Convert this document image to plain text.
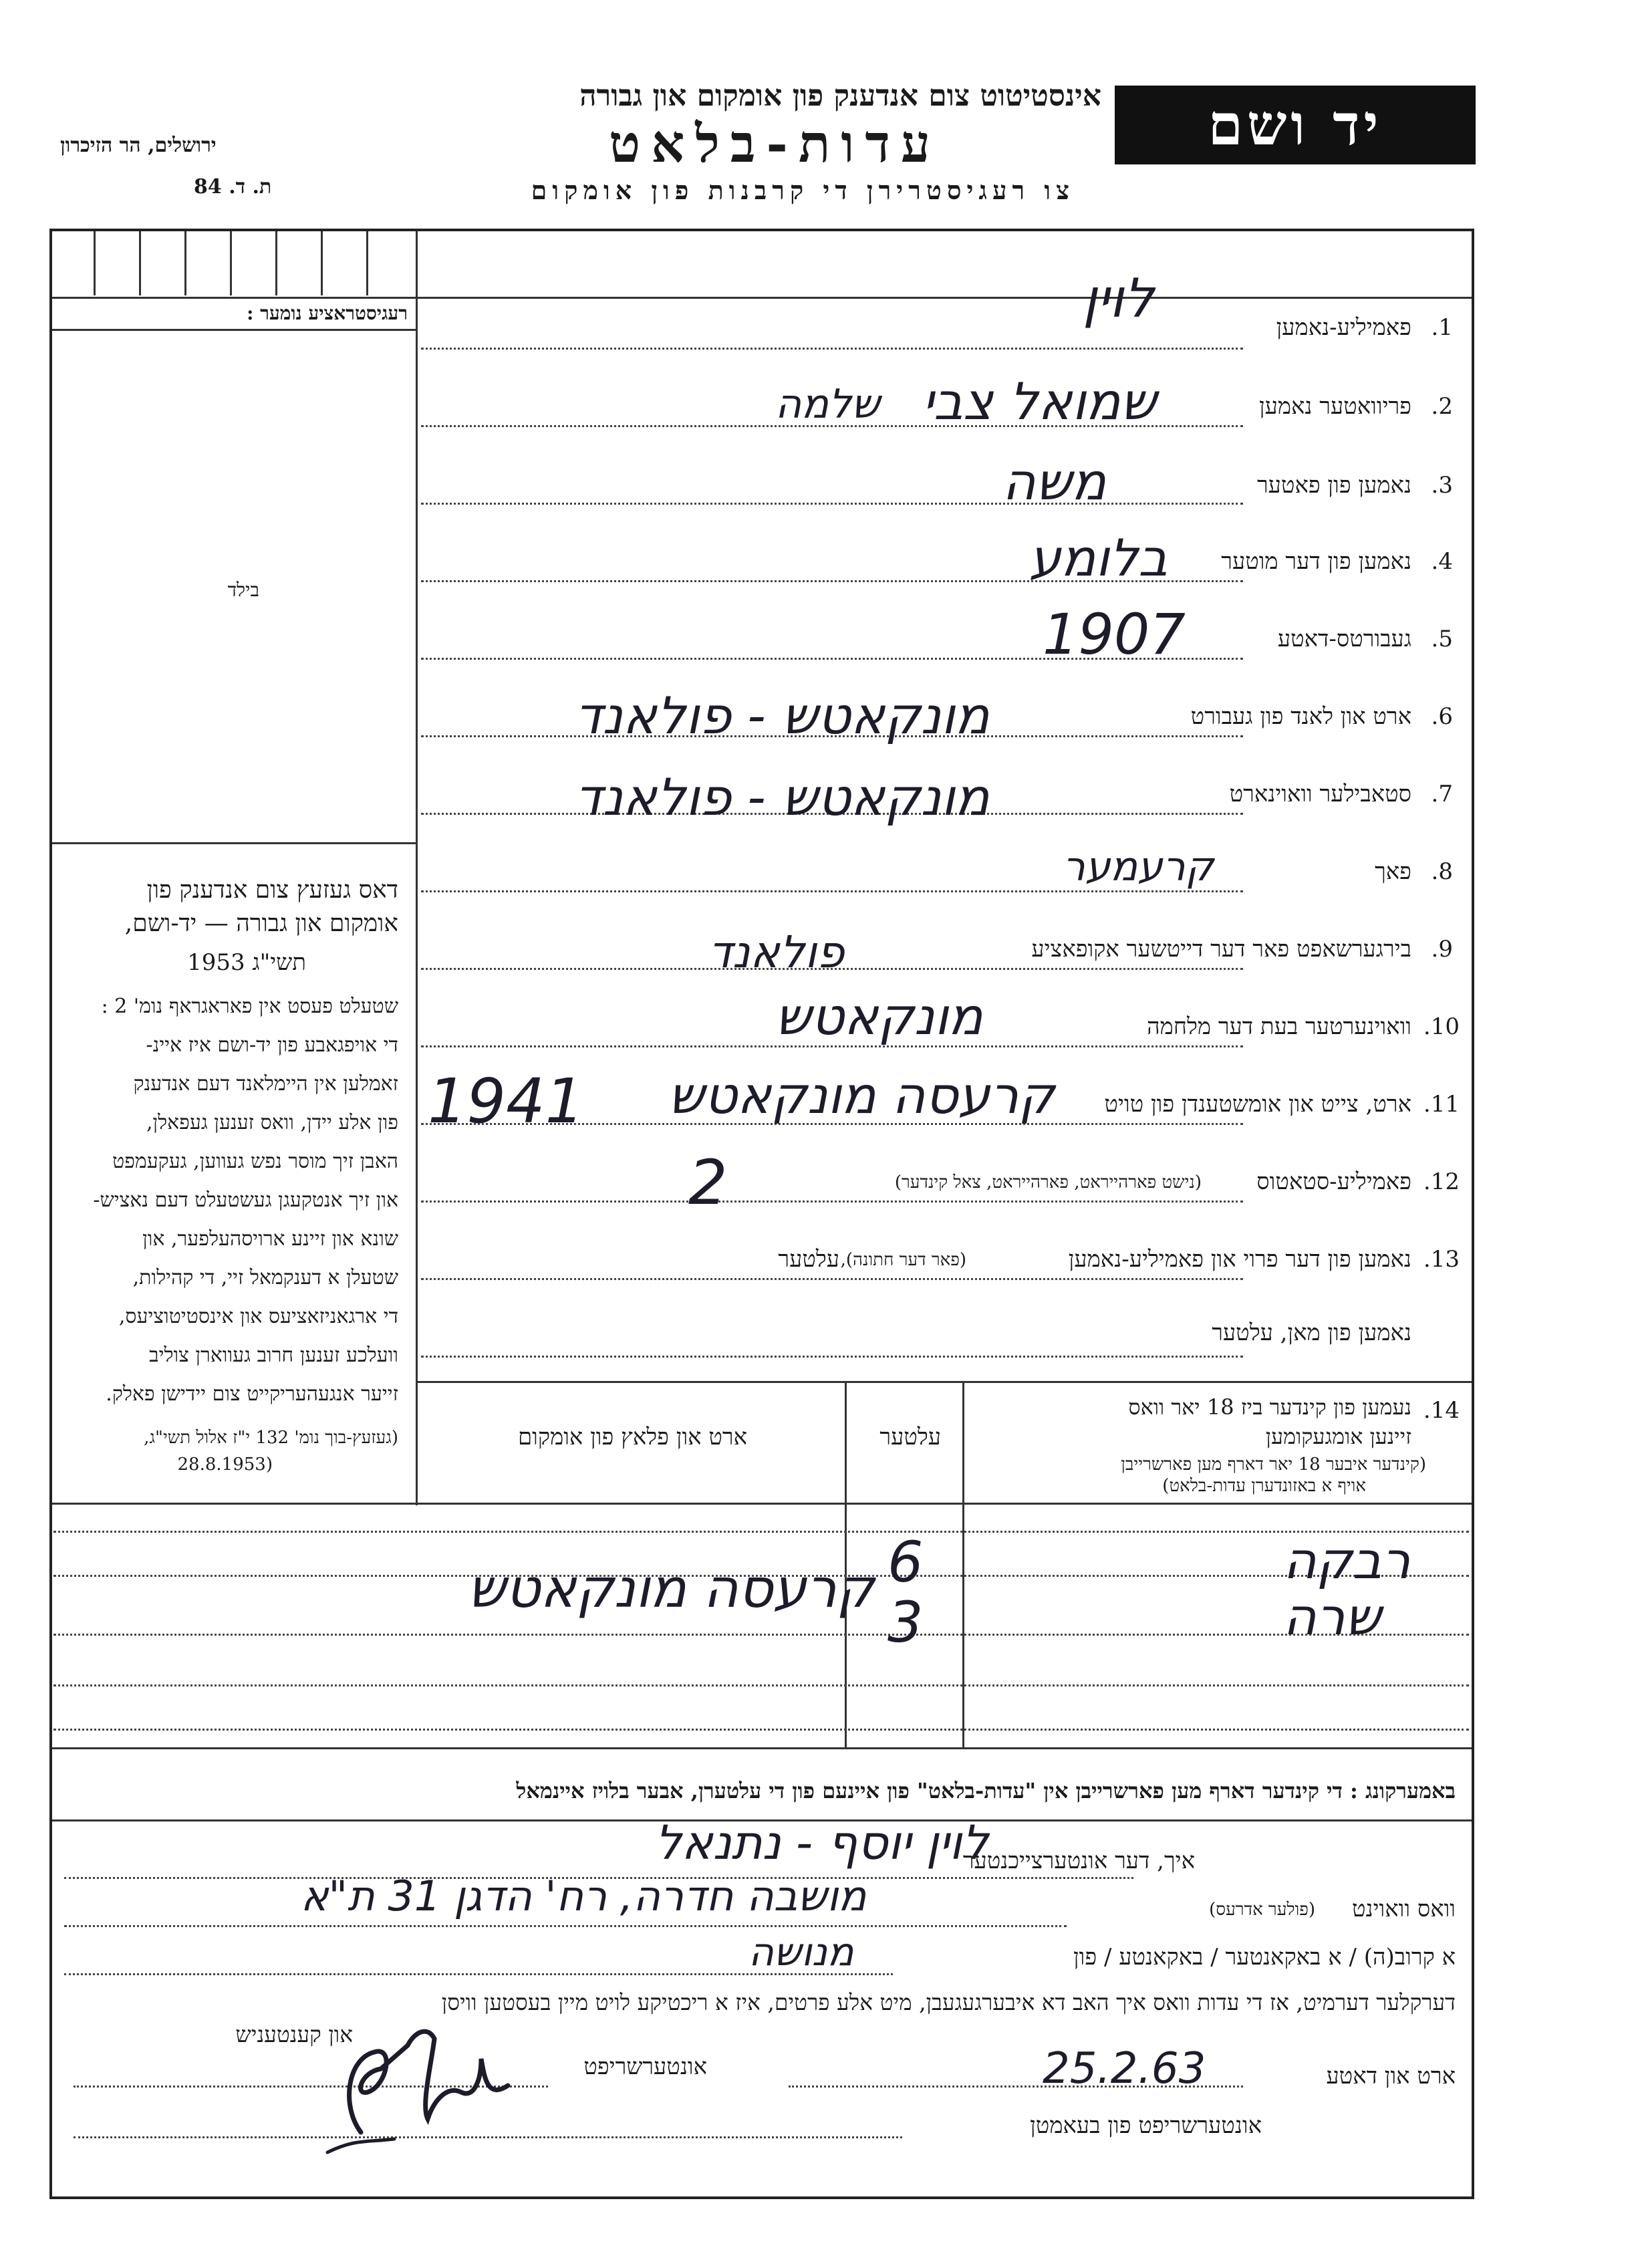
יד ושם
אינסטיטוט צום אנדענק פון אומקום און גבורה
עדות-בלאט
צו רעגיסטרירן די קרבנות פון אומקום
ירושלים, הר הזיכרון
ת. ד. 84
רעגיסטראציע נומער :
בילד
דאס געזעץ צום אנדענק פון
אומקום און גבורה — יד-ושם,
תשי"ג 1953
שטעלט פעסט אין פאראגראף נומ' 2 :
די אויפגאבע פון יד-ושם איז איינ-
זאמלען אין היימלאנד דעם אנדענק
פון אלע יידן, וואס זענען געפאלן,
האבן זיך מוסר נפש געווען, געקעמפט
און זיך אנטקעגן געשטעלט דעם נאציש-
שונא און זיינע ארויסהעלפער, און
שטעלן א דענקמאל זיי, די קהילות,
די ארגאניזאציעס און אינסטיטוציעס,
וועלכע זענען חרוב געווארן צוליב
זייער אנגעהעריקייט צום יידישן פאלק.
(געזעץ-בוך נומ' 132 י"ז אלול תשי"ג,
(28.8.1953
1.
פאמיליע-נאמען
2.
פריוואטער נאמען
3.
נאמען פון פאטער
4.
נאמען פון דער מוטער
5.
געבורטס-דאטע
6.
ארט און לאנד פון געבורט
7.
סטאבילער וואוינארט
8.
פאך
9.
בירגערשאפט פאר דער דייטשער אקופאציע
10.
וואוינערטער בעת דער מלחמה
11.
ארט, צייט און אומשטענדן פון טויט
12.
פאמיליע-סטאטוס
(נישט פארהייראט, פארהייראט, צאל קינדער)
13.
נאמען פון דער פרוי און פאמיליע-נאמען
(פאר דער חתונה),
עלטער
נאמען פון מאן, עלטער
לוין
שמואל צבי
שלמה
משה
בלומע
1907
מונקאטש - פולאנד
מונקאטש - פולאנד
קרעמער
פולאנד
מונקאטש
קרעסה מונקאטש
1941
2
14.
נעמען פון קינדער ביז 18 יאר וואס
זיינען אומגעקומען
(קינדער איבער 18 יאר דארף מען פארשרייבן
אויף א באזונדערן עדות-בלאט)
עלטער
ארט און פלאץ פון אומקום
רבקה
6
שרה
3
קרעסה מונקאטש
באמערקונג : די קינדער דארף מען פארשרייבן אין "עדות-בלאט" פון איינעם פון די עלטערן, אבער בלויז איינמאל
איך, דער אונטערצייכנטער
וואס וואוינט
(פולער אדרעס)
א קרוב(ה) / א באקאנטער / באקאנטע / פון
דערקלער דערמיט, אז די עדות וואס איך האב דא איבערגעגעבן, מיט אלע פרטים, איז א ריכטיקע לויט מיין בעסטען וויסן
און קענטעניש
ארט און דאטע
אונטערשריפט
אונטערשריפט פון בעאמטן
לוין יוסף - נתנאל
מושבה חדרה, רח' הדגן 31 ת"א
מנושה
25.2.63
